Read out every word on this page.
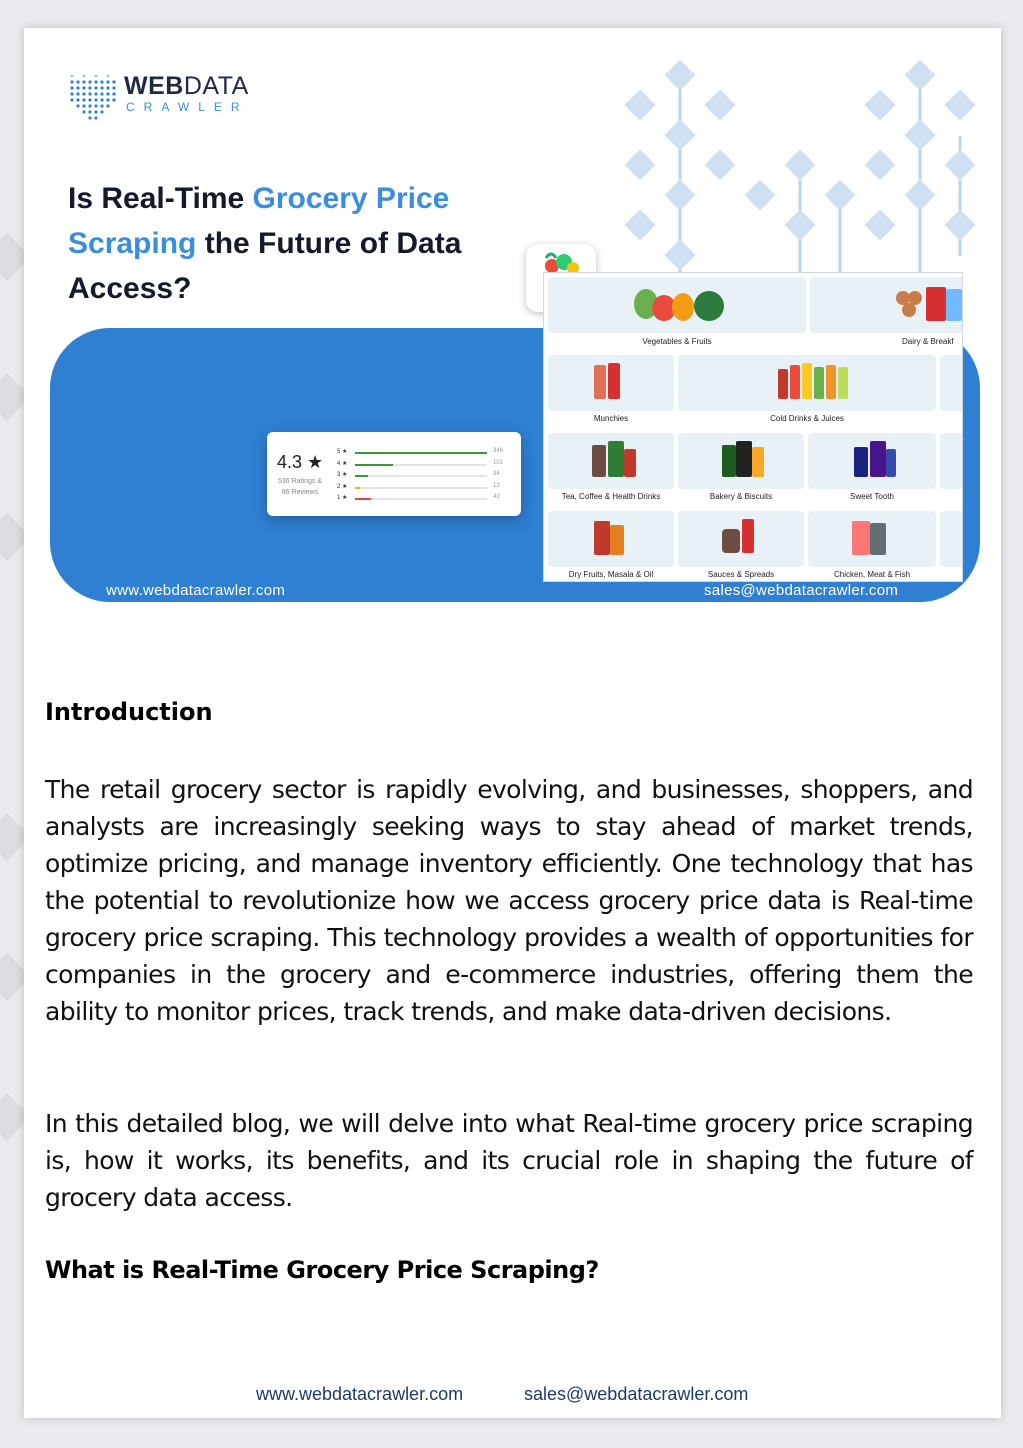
WEBDATA
CRAWLER
Is Real-Time Grocery Price Scraping the Future of Data Access?
www.webdatacrawler.com	sales@webdatacrawler.com
4.3 ★
536 Ratings &
86 Reviews
5 ★	346
4 ★	101
3 ★	34
2 ★	13
1 ★	42
Vegetables & Fruits	Dairy & Breakf
Munchies	Cold Drinks & Juices
Tea, Coffee & Health Drinks	Bakery & Biscuits	Sweet Tooth
Dry Fruits, Masala & Oil	Sauces & Spreads	Chicken, Meat & Fish
Introduction

The retail grocery sector is rapidly evolving, and businesses, shoppers, and analysts are increasingly seeking ways to stay ahead of market trends, optimize pricing, and manage inventory efficiently. One technology that has the potential to revolutionize how we access grocery price data is Real-time grocery price scraping. This technology provides a wealth of opportunities for companies in the grocery and e-commerce industries, offering them the ability to monitor prices, track trends, and make data-driven decisions.

In this detailed blog, we will delve into what Real-time grocery price scraping is, how it works, its benefits, and its crucial role in shaping the future of grocery data access.

What is Real-Time Grocery Price Scraping?
www.webdatacrawler.com	sales@webdatacrawler.com
